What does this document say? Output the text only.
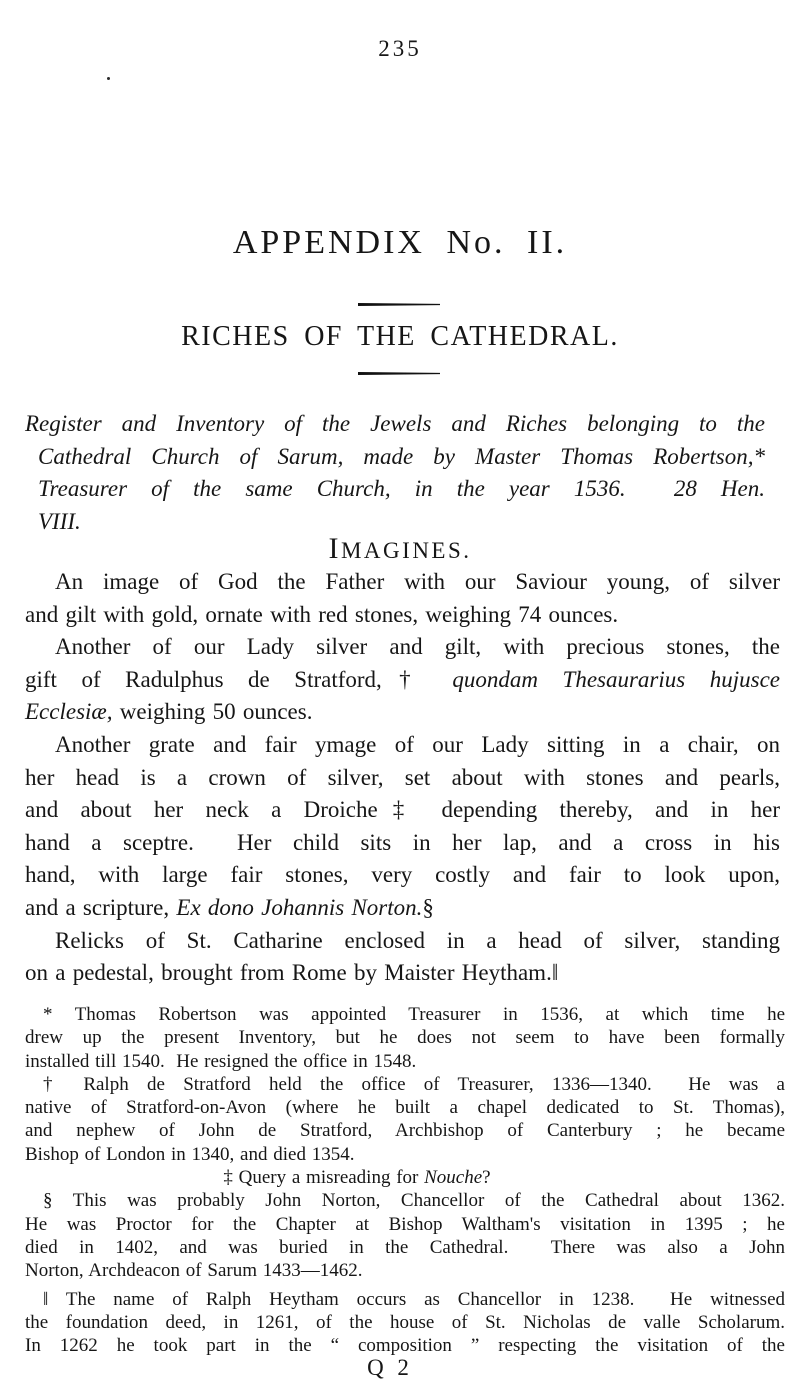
235
APPENDIX No. II.
RICHES OF THE CATHEDRAL.
Register and Inventory of the Jewels and Riches belonging to the
Cathedral Church of Sarum, made by Master Thomas Robertson,*
Treasurer of the same Church, in the year 1536.  28 Hen.
VIII.
IMAGINES.
An image of God the Father with our Saviour young, of silver
and gilt with gold, ornate with red stones, weighing 74 ounces.
Another of our Lady silver and gilt, with precious stones, the
gift of Radulphus de Stratford,† quondam Thesaurarius hujusce
Ecclesiæ, weighing 50 ounces.
Another grate and fair ymage of our Lady sitting in a chair, on
her head is a crown of silver, set about with stones and pearls,
and about her neck a Droiche‡ depending thereby, and in her
hand a sceptre.  Her child sits in her lap, and a cross in his
hand, with large fair stones, very costly and fair to look upon,
and a scripture, Ex dono Johannis Norton.§
Relicks of St. Catharine enclosed in a head of silver, standing
on a pedestal, brought from Rome by Maister Heytham.‖
* Thomas Robertson was appointed Treasurer in 1536, at which time he
drew up the present Inventory, but he does not seem to have been formally
installed till 1540.  He resigned the office in 1548.
† Ralph de Stratford held the office of Treasurer, 1336—1340.  He was a
native of Stratford-on-Avon (where he built a chapel dedicated to St. Thomas),
and nephew of John de Stratford, Archbishop of Canterbury ; he became
Bishop of London in 1340, and died 1354.
‡ Query a misreading for Nouche?
§ This was probably John Norton, Chancellor of the Cathedral about 1362.
He was Proctor for the Chapter at Bishop Waltham's visitation in 1395 ; he
died in 1402, and was buried in the Cathedral.  There was also a John
Norton, Archdeacon of Sarum 1433—1462.
‖ The name of Ralph Heytham occurs as Chancellor in 1238.  He witnessed
the foundation deed, in 1261, of the house of St. Nicholas de valle Scholarum.
In 1262 he took part in the “ composition ” respecting the visitation of the
Q 2
